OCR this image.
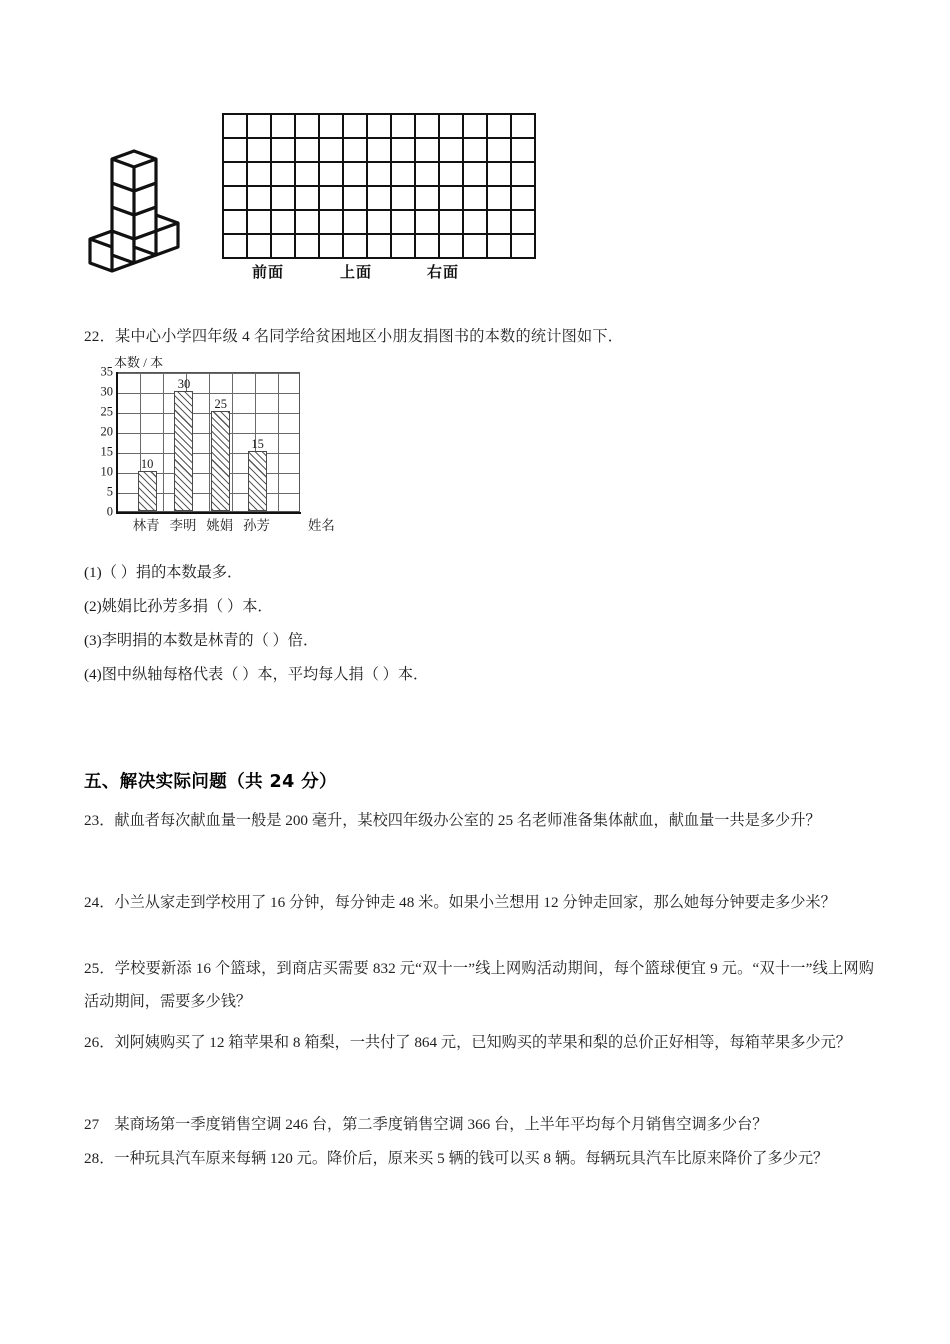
前面	上面	右面
22．某中心小学四年级 4 名同学给贫困地区小朋友捐图书的本数的统计图如下．
本数 / 本
10
30
25
15
0
5
10
15
20
25
30
35
姓名
林青 李明 姚娟 孙芳
(1)（ ）捐的本数最多．
(2)姚娟比孙芳多捐（ ）本．
(3)李明捐的本数是林青的（ ）倍．
(4)图中纵轴每格代表（ ）本，平均每人捐（ ）本．
五、解决实际问题（共 24 分）
23．献血者每次献血量一般是 200 毫升，某校四年级办公室的 25 名老师准备集体献血，献血量一共是多少升？
24．小兰从家走到学校用了 16 分钟，每分钟走 48 米。如果小兰想用 12 分钟走回家，那么她每分钟要走多少米？
25．学校要新添 16 个篮球，到商店买需要 832 元“双十一”线上网购活动期间，每个篮球便宜 9 元。“双十一”线上网购活动期间，需要多少钱？
26．刘阿姨购买了 12 箱苹果和 8 箱梨，一共付了 864 元，已知购买的苹果和梨的总价正好相等，每箱苹果多少元？
27　某商场第一季度销售空调 246 台，第二季度销售空调 366 台，上半年平均每个月销售空调多少台？
28．一种玩具汽车原来每辆 120 元。降价后，原来买 5 辆的钱可以买 8 辆。每辆玩具汽车比原来降价了多少元？
